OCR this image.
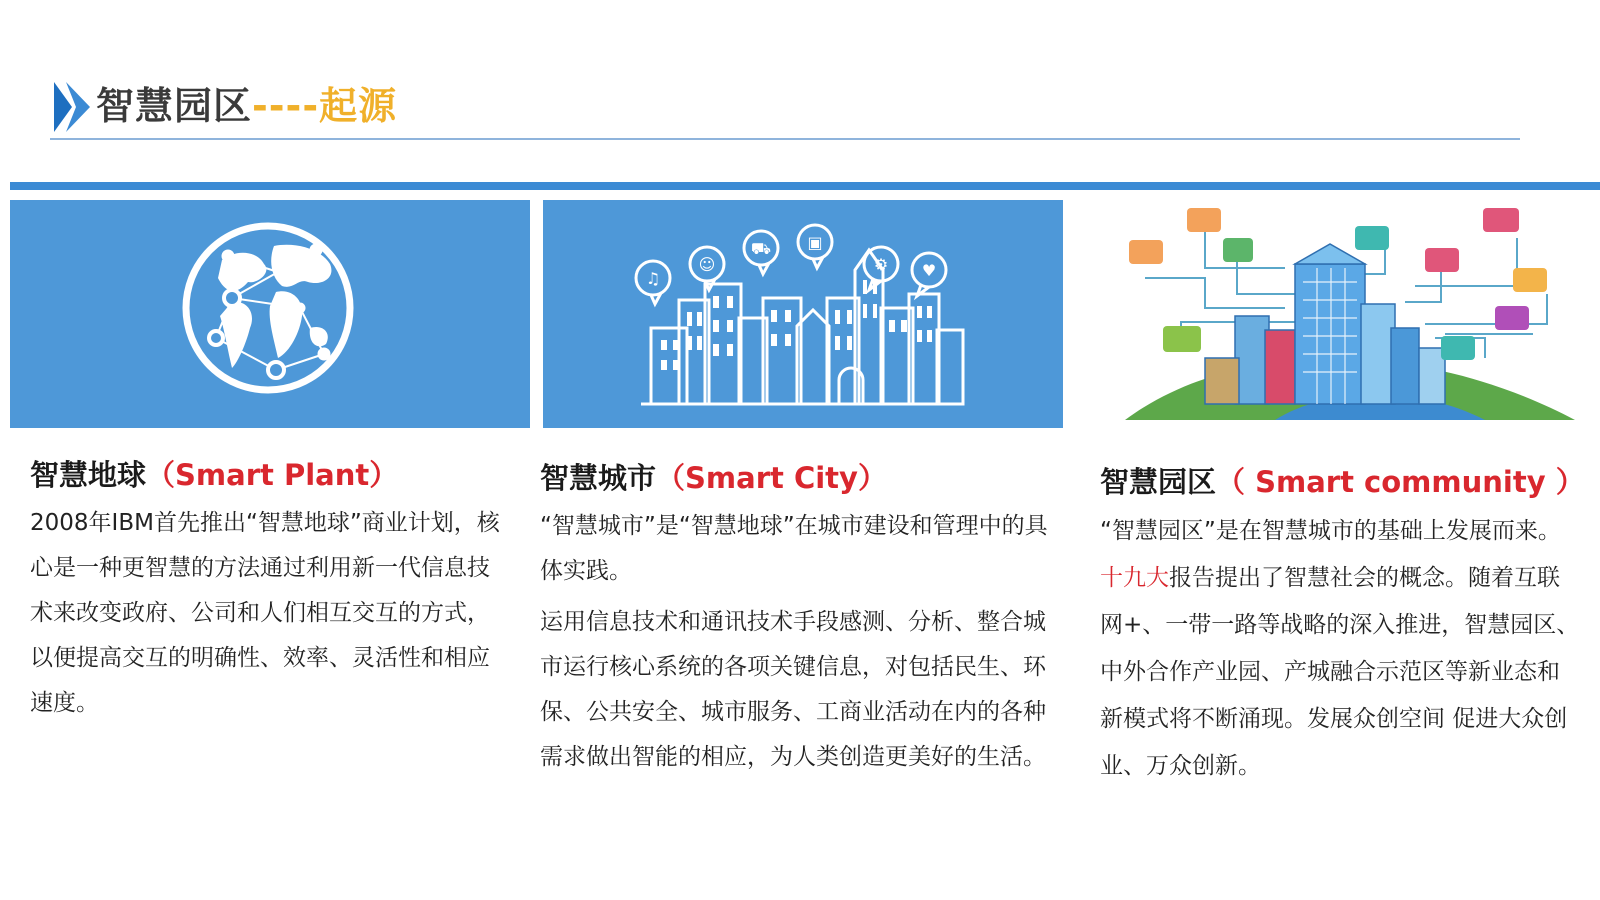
智慧园区----起源
♫
☺
⛟ ▣
⚙ ♥
智慧地球（Smart Plant）

2008年IBM首先推出“智慧地球”商业计划，核心是一种更智慧的方法通过利用新一代信息技术来改变政府、公司和人们相互交互的方式，以便提高交互的明确性、效率、灵活性和相应速度。

智慧城市（Smart City）

“智慧城市”是“智慧地球”在城市建设和管理中的具体实践。

运用信息技术和通讯技术手段感测、分析、整合城市运行核心系统的各项关键信息，对包括民生、环保、公共安全、城市服务、工商业活动在内的各种需求做出智能的相应，为人类创造更美好的生活。

智慧园区（ Smart community ）

“智慧园区”是在智慧城市的基础上发展而来。十九大报告提出了智慧社会的概念。随着互联网+、一带一路等战略的深入推进，智慧园区、中外合作产业园、产城融合示范区等新业态和新模式将不断涌现。发展众创空间 促进大众创业、万众创新。
